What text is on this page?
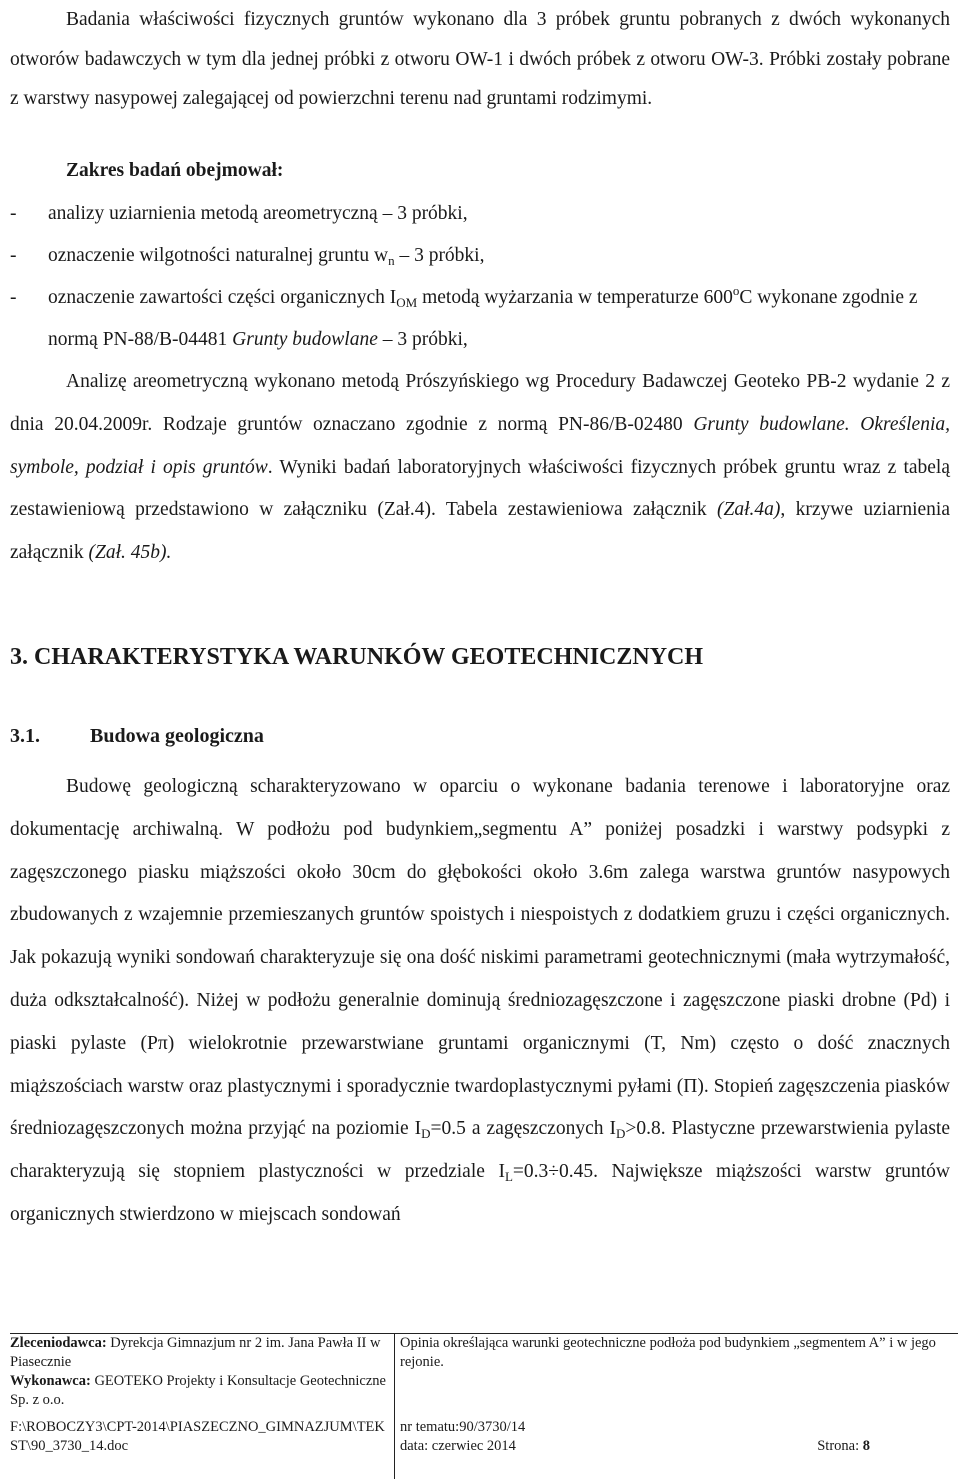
Badania właściwości fizycznych gruntów wykonano dla 3 próbek gruntu pobranych z dwóch wykonanych otworów badawczych w tym dla jednej próbki z otworu OW-1 i dwóch próbek z otworu OW-3. Próbki zostały pobrane z warstwy nasypowej zalegającej od powierzchni terenu nad gruntami rodzimymi.
Zakres badań obejmował:
-	analizy uziarnienia metodą areometryczną – 3 próbki,
-	oznaczenie wilgotności naturalnej gruntu $w_n - 3$ próbki,
-	oznaczenie zawartości części organicznych $I_{OM}$ metodą wyżarzania w temperaturze 600$^o$C wykonane zgodnie z normą PN-88/B-04481 Grunty budowlane – 3 próbki,
Analizę areometryczną wykonano metodą Prószyńskiego wg Procedury Badawczej Geoteko PB-2 wydanie 2 z dnia 20.04.2009r. Rodzaje gruntów oznaczano zgodnie z normą PN-86/B-02480 Grunty budowlane. Określenia, symbole, podział i opis gruntów. Wyniki badań laboratoryjnych właściwości fizycznych próbek gruntu wraz z tabelą zestawieniową przedstawiono w załączniku (Zał.4). Tabela zestawieniowa załącznik (Zał.4a), krzywe uziarnienia załącznik (Zał. 45b).
3. CHARAKTERYSTYKA WARUNKÓW GEOTECHNICZNYCH
3.1.	Budowa geologiczna
Budowę geologiczną scharakteryzowano w oparciu o wykonane badania terenowe i laboratoryjne oraz dokumentację archiwalną. W podłożu pod budynkiem„segmentu A” poniżej posadzki i warstwy podsypki z zagęszczonego piasku miąższości około 30cm do głębokości około 3.6m zalega warstwa gruntów nasypowych zbudowanych z wzajemnie przemieszanych gruntów spoistych i niespoistych z dodatkiem gruzu i części organicznych. Jak pokazują wyniki sondowań charakteryzuje się ona dość niskimi parametrami geotechnicznymi (mała wytrzymałość, duża odkształcalność). Niżej w podłożu generalnie dominują średniozagęszczone i zagęszczone piaski drobne (Pd) i piaski pylaste (Pπ) wielokrotnie przewarstwiane gruntami organicznymi (T, Nm) często o dość znacznych miąższościach warstw oraz plastycznymi i sporadycznie twardoplastycznymi pyłami (Π). Stopień zagęszczenia piasków średniozagęszczonych można przyjąć na poziomie $I_D=0.5$ a zagęszczonych $I_D>0.8$. Plastyczne przewarstwienia pylaste charakteryzują się stopniem plastyczności w przedziale $I_L=0.3\div 0.45$. Największe miąższości warstw gruntów organicznych stwierdzono w miejscach sondowań
Zleceniodawca: Dyrekcja Gimnazjum nr 2 im. Jana Pawła II w Piasecznie
Wykonawca: GEOTEKO Projekty i Konsultacje Geotechniczne Sp. z o.o.
F:\ROBOCZY3\CPT-2014\PIASZECZNO_GIMNAZJUM\TEKST\90_3730_14.doc
Opinia określająca warunki geotechniczne podłoża pod budynkiem „segmentem A” i w jego rejonie.
nr tematu:90/3730/14
data: czerwiec 2014	Strona: 8
